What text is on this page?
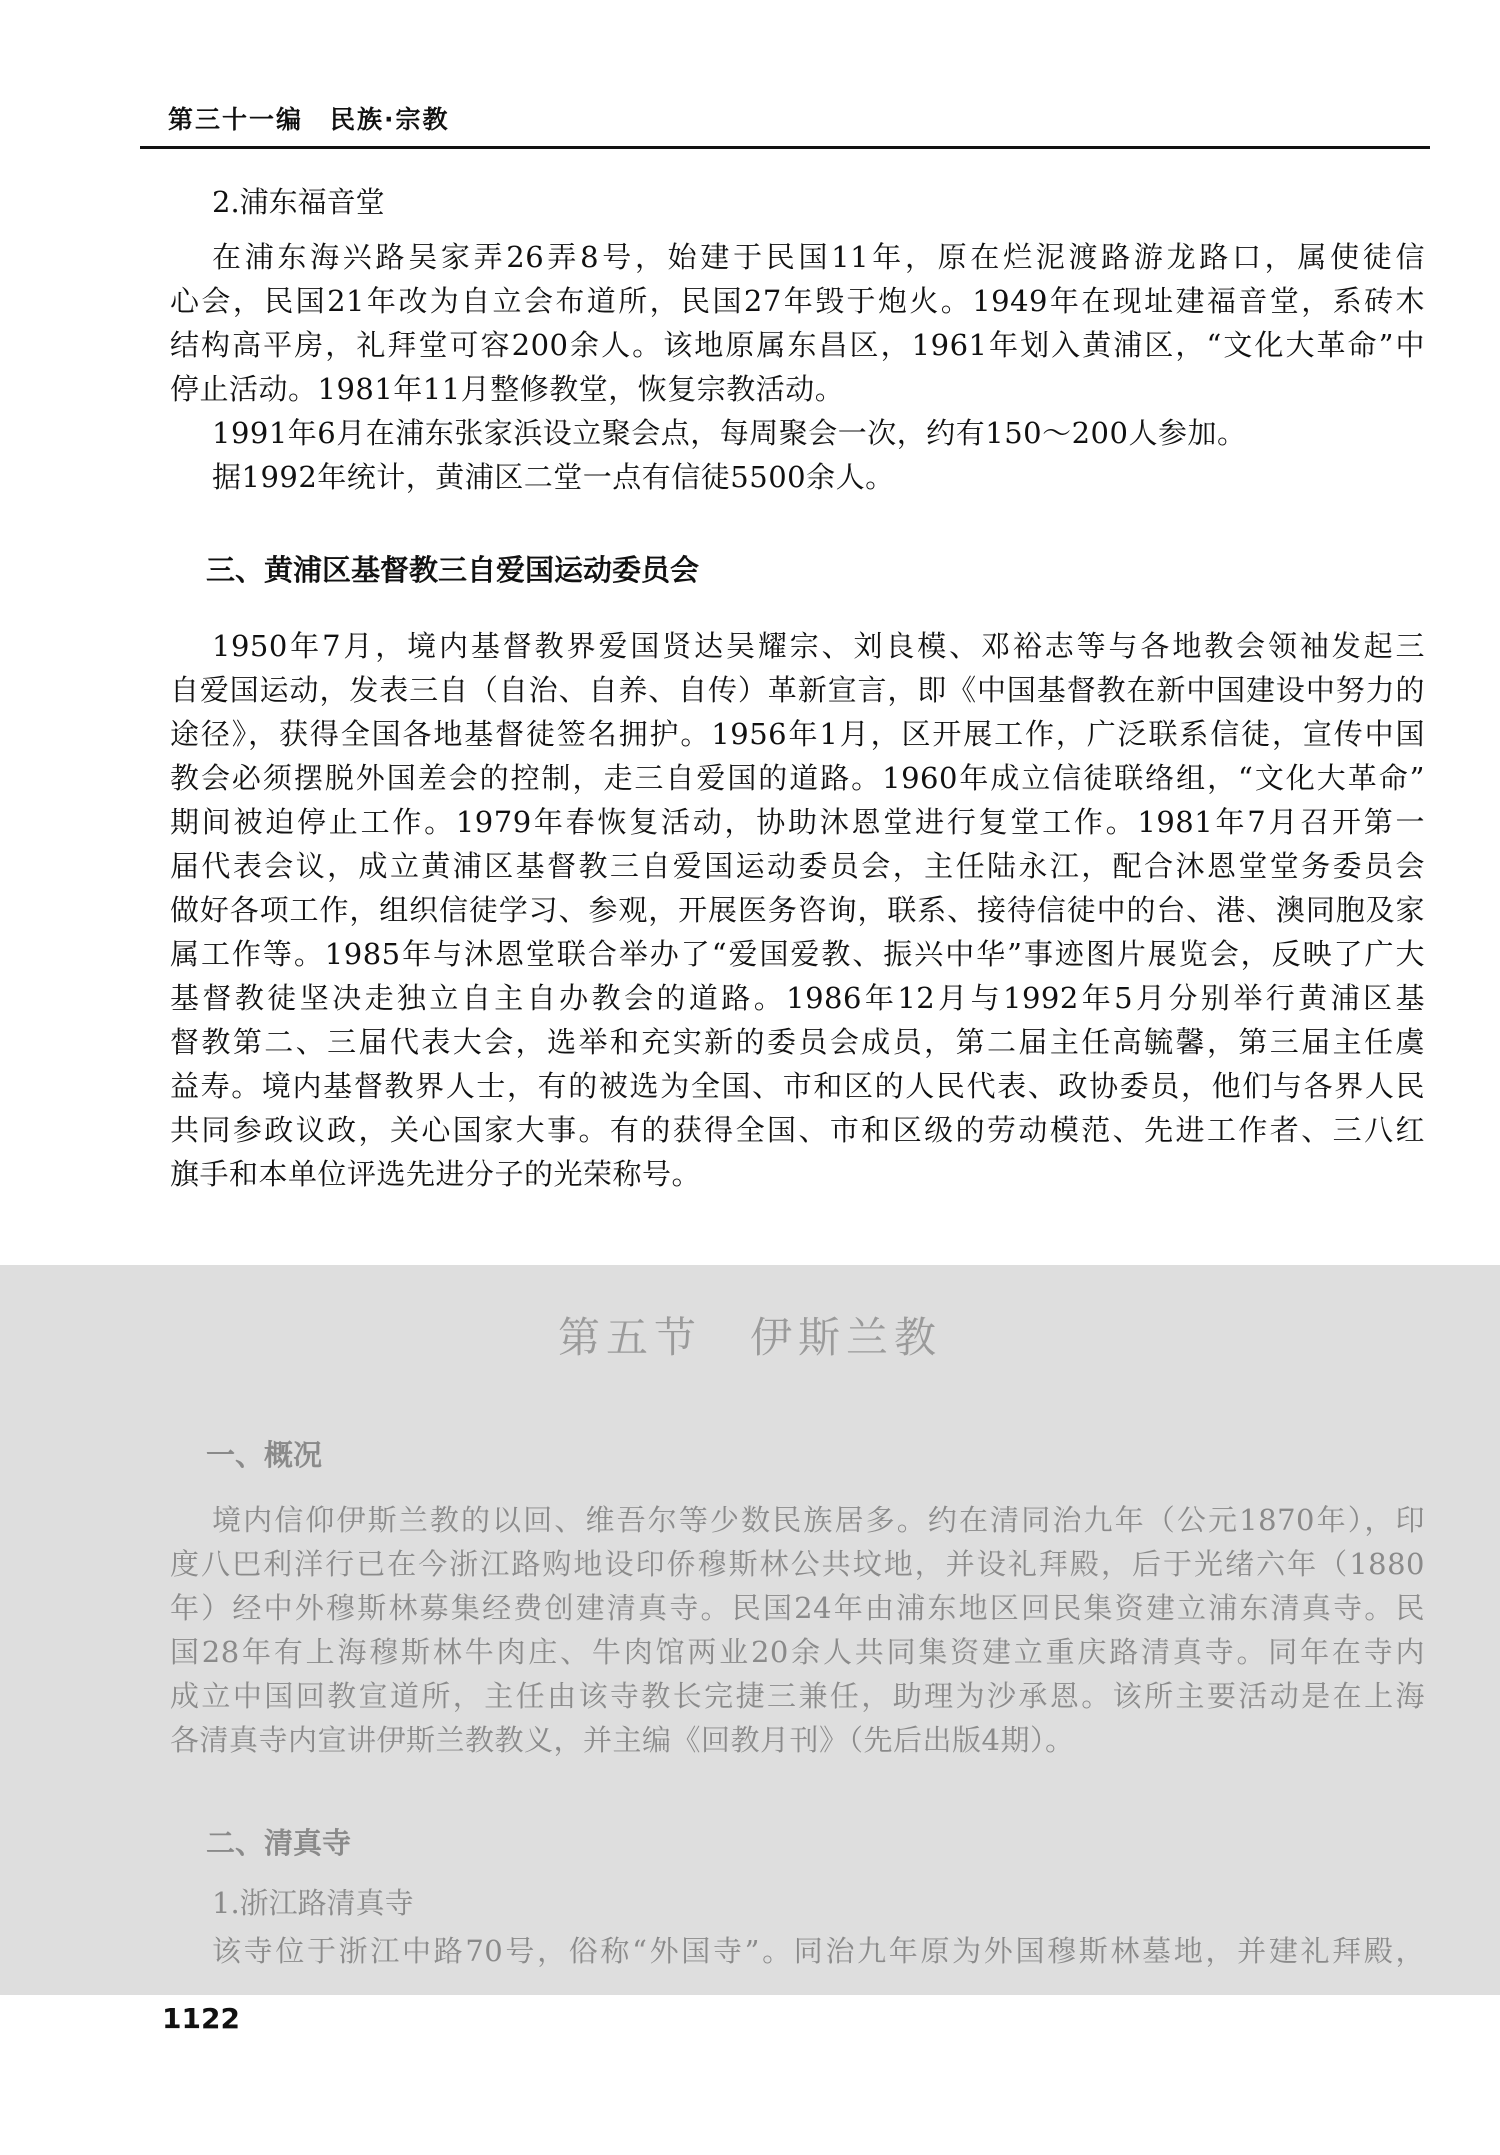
第三十一编　民族·宗教
2.浦东福音堂
在浦东海兴路吴家弄26弄8号，始建于民国11年，原在烂泥渡路游龙路口，属使徒信
心会，民国21年改为自立会布道所，民国27年毁于炮火。1949年在现址建福音堂，系砖木
结构高平房，礼拜堂可容200余人。该地原属东昌区，1961年划入黄浦区，“文化大革命”中
停止活动。1981年11月整修教堂，恢复宗教活动。
1991年6月在浦东张家浜设立聚会点，每周聚会一次，约有150～200人参加。
据1992年统计，黄浦区二堂一点有信徒5500余人。
三、黄浦区基督教三自爱国运动委员会
1950年7月，境内基督教界爱国贤达吴耀宗、刘良模、邓裕志等与各地教会领袖发起三
自爱国运动，发表三自（自治、自养、自传）革新宣言，即《中国基督教在新中国建设中努力的
途径》，获得全国各地基督徒签名拥护。1956年1月，区开展工作，广泛联系信徒，宣传中国
教会必须摆脱外国差会的控制，走三自爱国的道路。1960年成立信徒联络组，“文化大革命”
期间被迫停止工作。1979年春恢复活动，协助沐恩堂进行复堂工作。1981年7月召开第一
届代表会议，成立黄浦区基督教三自爱国运动委员会，主任陆永江，配合沐恩堂堂务委员会
做好各项工作，组织信徒学习、参观，开展医务咨询，联系、接待信徒中的台、港、澳同胞及家
属工作等。1985年与沐恩堂联合举办了“爱国爱教、振兴中华”事迹图片展览会，反映了广大
基督教徒坚决走独立自主自办教会的道路。1986年12月与1992年5月分别举行黄浦区基
督教第二、三届代表大会，选举和充实新的委员会成员，第二届主任高毓馨，第三届主任虞
益寿。境内基督教界人士，有的被选为全国、市和区的人民代表、政协委员，他们与各界人民
共同参政议政，关心国家大事。有的获得全国、市和区级的劳动模范、先进工作者、三八红
旗手和本单位评选先进分子的光荣称号。
第五节　伊斯兰教
一、概况
境内信仰伊斯兰教的以回、维吾尔等少数民族居多。约在清同治九年（公元1870年），印
度八巴利洋行已在今浙江路购地设印侨穆斯林公共坟地，并设礼拜殿，后于光绪六年（1880
年）经中外穆斯林募集经费创建清真寺。民国24年由浦东地区回民集资建立浦东清真寺。民
国28年有上海穆斯林牛肉庄、牛肉馆两业20余人共同集资建立重庆路清真寺。同年在寺内
成立中国回教宣道所，主任由该寺教长完捷三兼任，助理为沙承恩。该所主要活动是在上海
各清真寺内宣讲伊斯兰教教义，并主编《回教月刊》（先后出版4期）。
二、清真寺
1.浙江路清真寺
该寺位于浙江中路70号，俗称“外国寺”。同治九年原为外国穆斯林墓地，并建礼拜殿，
1122
